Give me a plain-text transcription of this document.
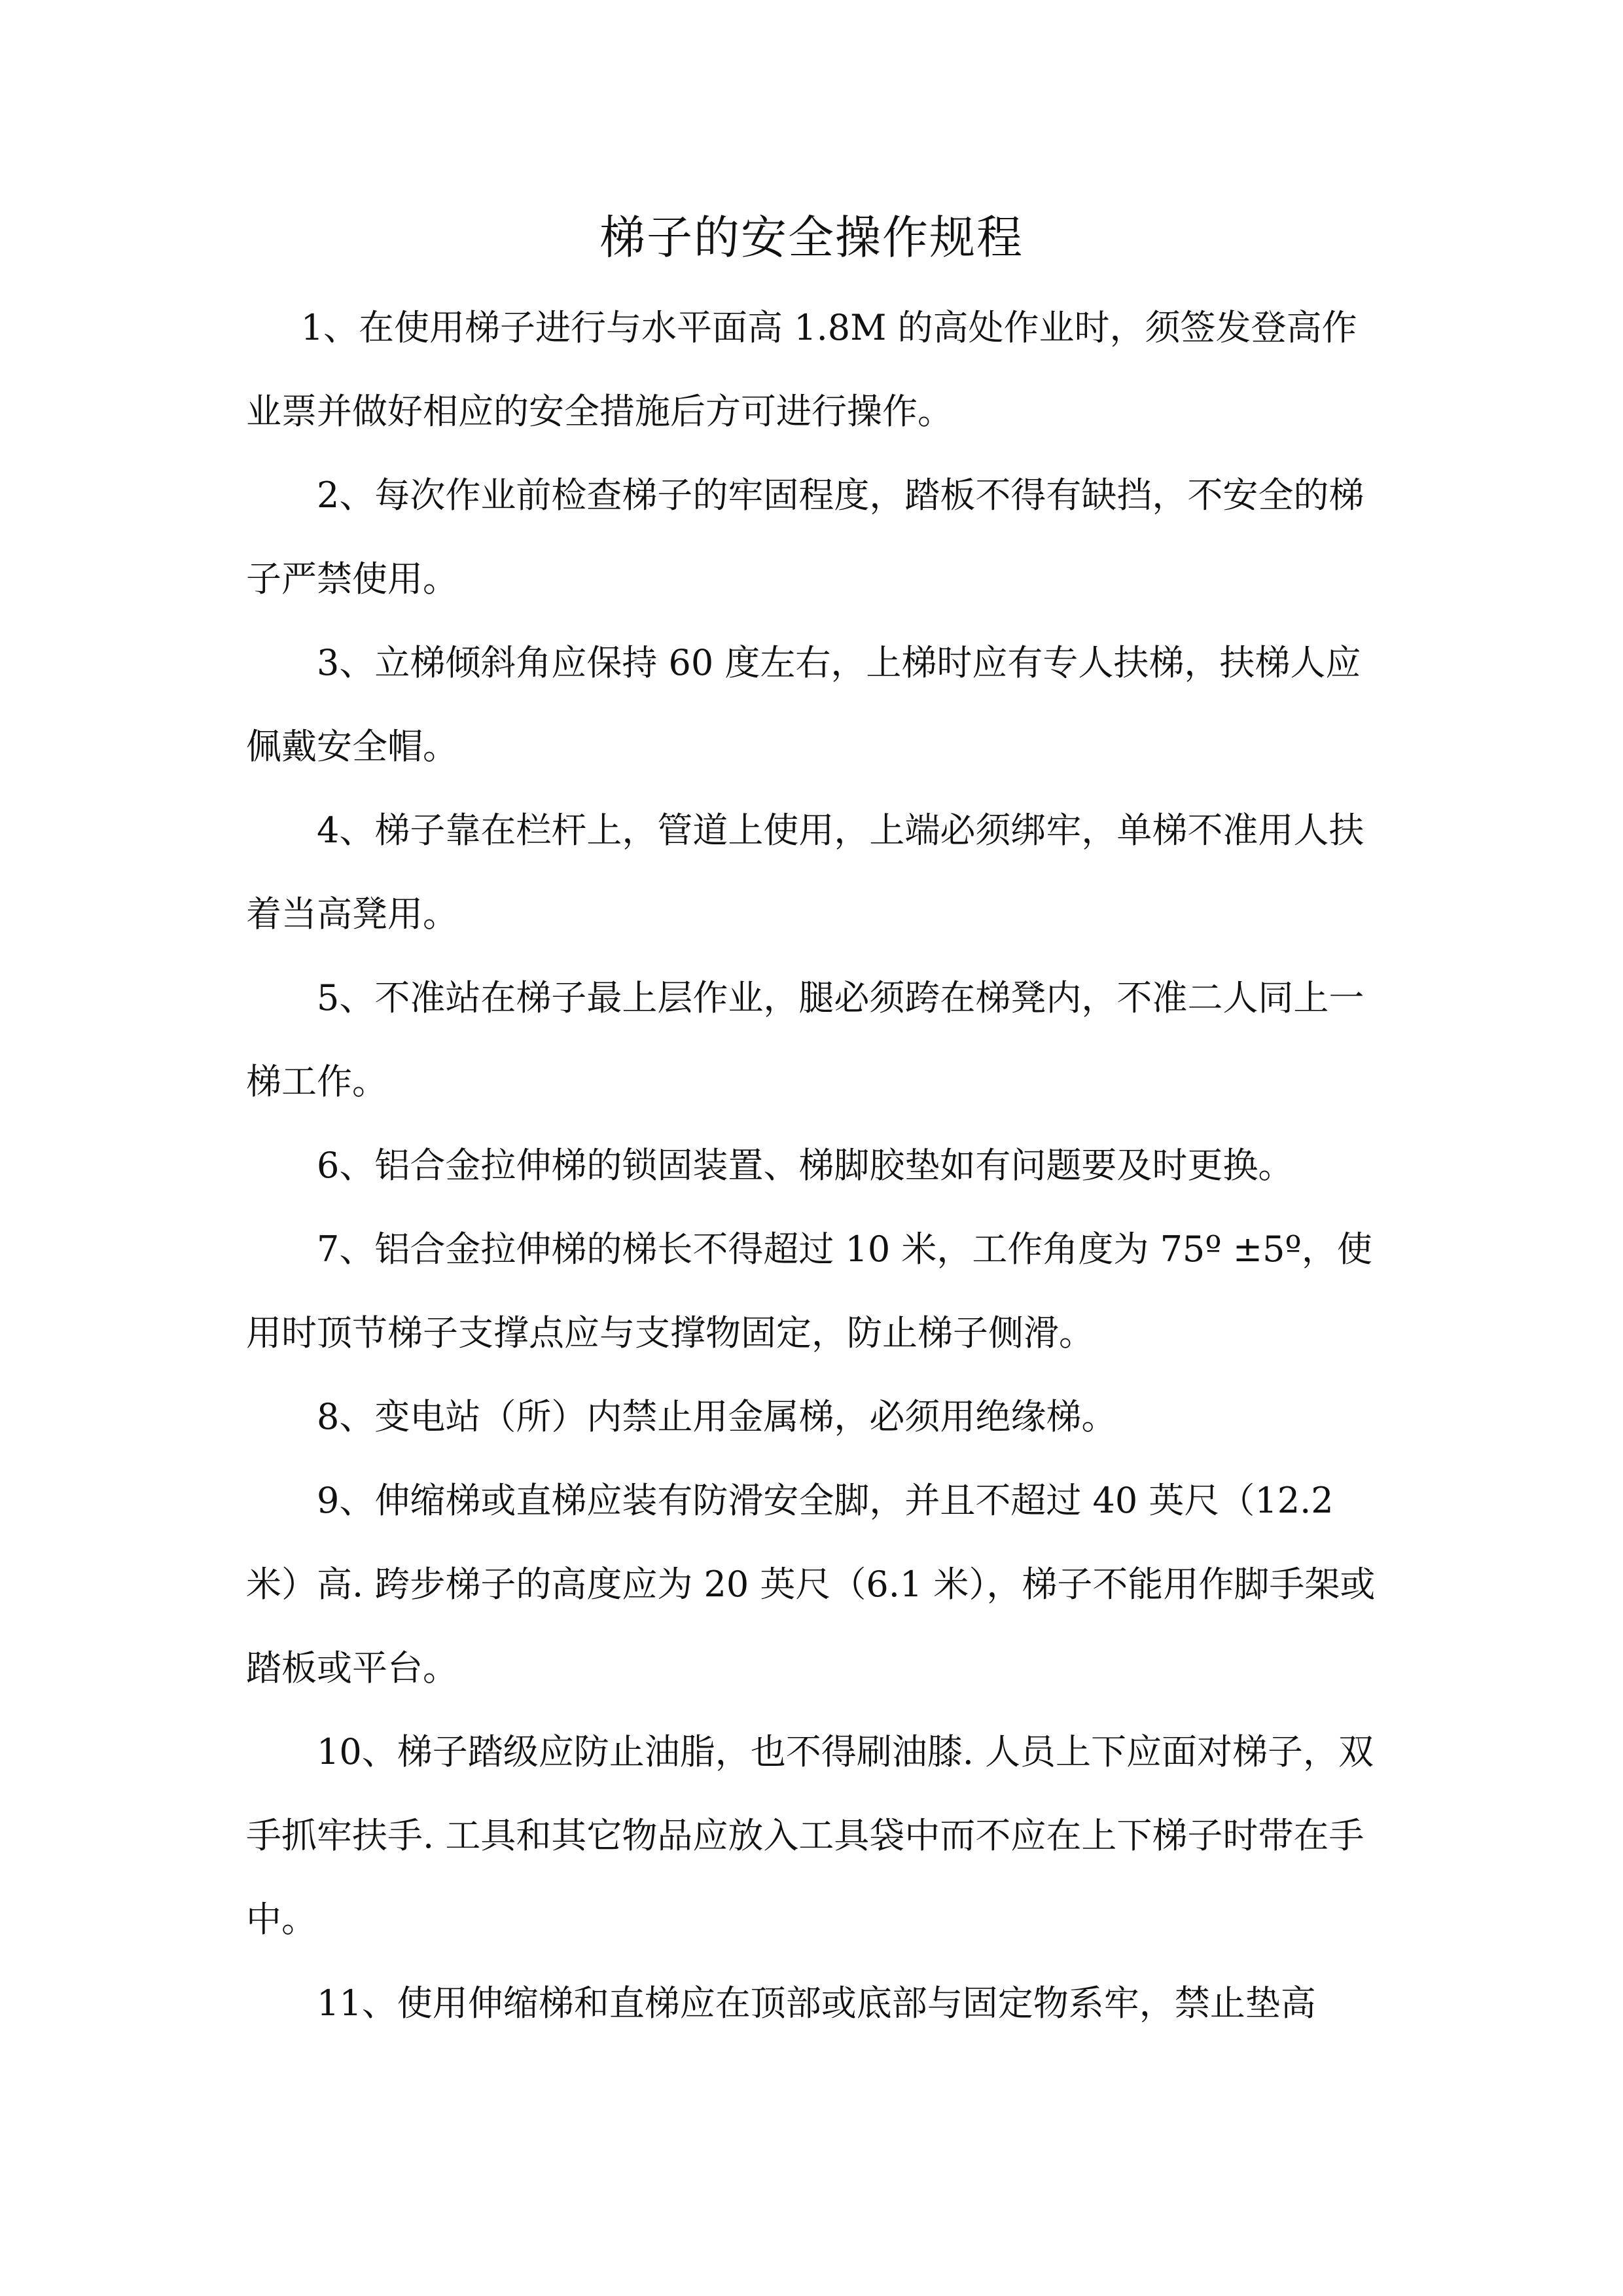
梯子的安全操作规程

1、在使用梯子进行与水平面高 1.8M 的高处作业时，须签发登高作业票并做好相应的安全措施后方可进行操作。

2、每次作业前检查梯子的牢固程度，踏板不得有缺挡，不安全的梯子严禁使用。

3、立梯倾斜角应保持 60 度左右，上梯时应有专人扶梯，扶梯人应佩戴安全帽。

4、梯子靠在栏杆上，管道上使用，上端必须绑牢，单梯不准用人扶着当高凳用。

5、不准站在梯子最上层作业，腿必须跨在梯凳内，不准二人同上一梯工作。

6、铝合金拉伸梯的锁固装置、梯脚胶垫如有问题要及时更换。

7、铝合金拉伸梯的梯长不得超过 10 米，工作角度为 75º ±5º，使用时顶节梯子支撑点应与支撑物固定，防止梯子侧滑。

8、变电站（所）内禁止用金属梯，必须用绝缘梯。

9、伸缩梯或直梯应装有防滑安全脚，并且不超过 40 英尺（12.2米）高. 跨步梯子的高度应为 20 英尺（6.1 米），梯子不能用作脚手架或踏板或平台。

10、梯子踏级应防止油脂，也不得刷油膝. 人员上下应面对梯子，双手抓牢扶手. 工具和其它物品应放入工具袋中而不应在上下梯子时带在手中。

11、使用伸缩梯和直梯应在顶部或底部与固定物系牢，禁止垫高
